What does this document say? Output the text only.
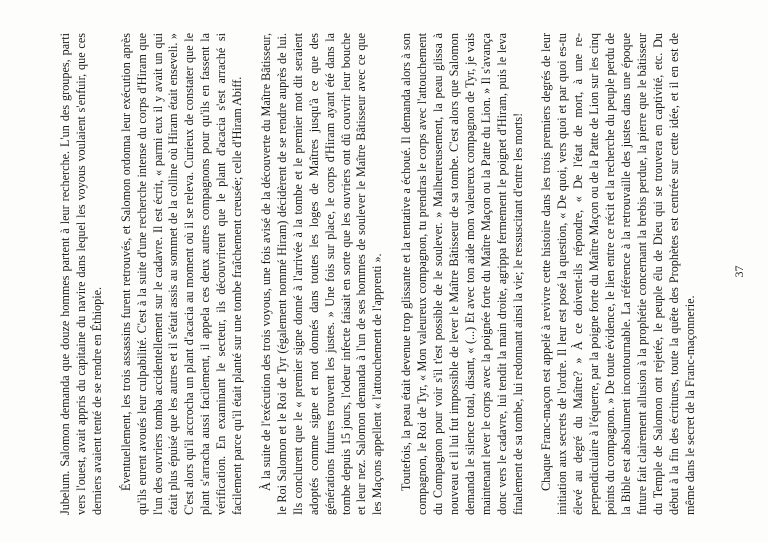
Jubelum. Salomon demanda que douze hommes partent à leur recherche. L'un des groupes, parti vers l'ouest, avait appris du capitaine du navire dans lequel les voyous voulaient s'enfuir, que ces derniers avaient tenté de se rendre en Éthiopie. Éventuellement, les trois assassins furent retrouvés, et Salomon ordonna leur exécution après qu'ils eurent avoués leur culpabilité. C'est à la suite d'une recherche intense du corps d'Hiram que l'un des ouvriers tomba accidentellement sur le cadavre. Il est écrit, « parmi eux il y avait un qui était plus épuisé que les autres et il s'était assis au sommet de la colline où Hiram était enseveli. » C'est alors qu'il accrocha un plant d'acacia au moment où il se releva. Curieux de constater que le plant s'arracha aussi facilement, il appela ces deux autres compagnons pour qu'ils en fassent la vérification. En examinant le secteur, ils découvrirent que le plant d'acacia s'est arraché si facilement parce qu'il était planté sur une tombe fraîchement creusée; celle d'Hiram Abiff. À la suite de l'exécution des trois voyous, une fois avisé de la découverte du Maître Bâtisseur, le Roi Salomon et le Roi de Tyr (également nommé Hiram) décidèrent de se rendre auprès de lui. Ils conclurent que le « premier signe donné à l'arrivée à la tombe et le premier mot dit seraient adoptés comme signe et mot donnés dans toutes les loges de Maîtres jusqu'à ce que des générations futures trouvent les justes. » Une fois sur place, le corps d'Hiram ayant été dans la tombe depuis 15 jours, l'odeur infecte faisait en sorte que les ouvriers ont dû couvrir leur bouche et leur nez. Salomon demanda à l'un de ses hommes de soulever le Maître Bâtisseur avec ce que les Maçons appellent « l'attouchement de l'apprenti ». Toutefois, la peau était devenue trop glissante et la tentative a échoué. Il demanda alors à son compagnon, le Roi de Tyr, « Mon valeureux compagnon, tu prendras le corps avec l'attouchement du Compagnon pour voir s'il t'est possible de le soulever. » Malheureusement, la peau glissa à nouveau et il lui fut impossible de lever le Maître Bâtisseur de sa tombe. C'est alors que Salomon demanda le silence total, disant, « (...) Et avec ton aide mon valeureux compagnon de Tyr, je vais maintenant lever le corps avec la poignée forte du Maître Maçon ou la Patte du Lion. » Il s'avança donc vers le cadavre, lui tendit la main droite, agrippa fermement le poignet d'Hiram, puis le leva finalement de sa tombe, lui redonnant ainsi la vie; le ressuscitant d'entre les morts! Chaque Franc-maçon est appelé à revivre cette histoire dans les trois premiers degrés de leur initiation aux secrets de l'ordre. Il leur est posé la question, « De quoi, vers quoi et par quoi es-tu élevé au degré du Maître? » À ce doivent-ils répondre, « De l'état de mort, à une re-perpendiculaire à l'équerre, par la poigne forte du Maître Maçon ou de la Patte de Lion sur les cinq points du compagnon. » De toute évidence, le lien entre ce récit et la recherche du peuple perdu de la Bible est absolument incontournable. La référence à la retrouvaille des justes dans une époque future fait clairement allusion à la prophétie concernant la brebis perdue, la pierre que le bâtisseur du Temple de Salomon ont rejetée, le peuple élu de Dieu qui se trouvera en captivité, etc. Du début à la fin des écritures, toute la quête des Prophètes est centrée sur cette idée, et il en est de même dans le secret de la Franc-maçonnerie.

37
